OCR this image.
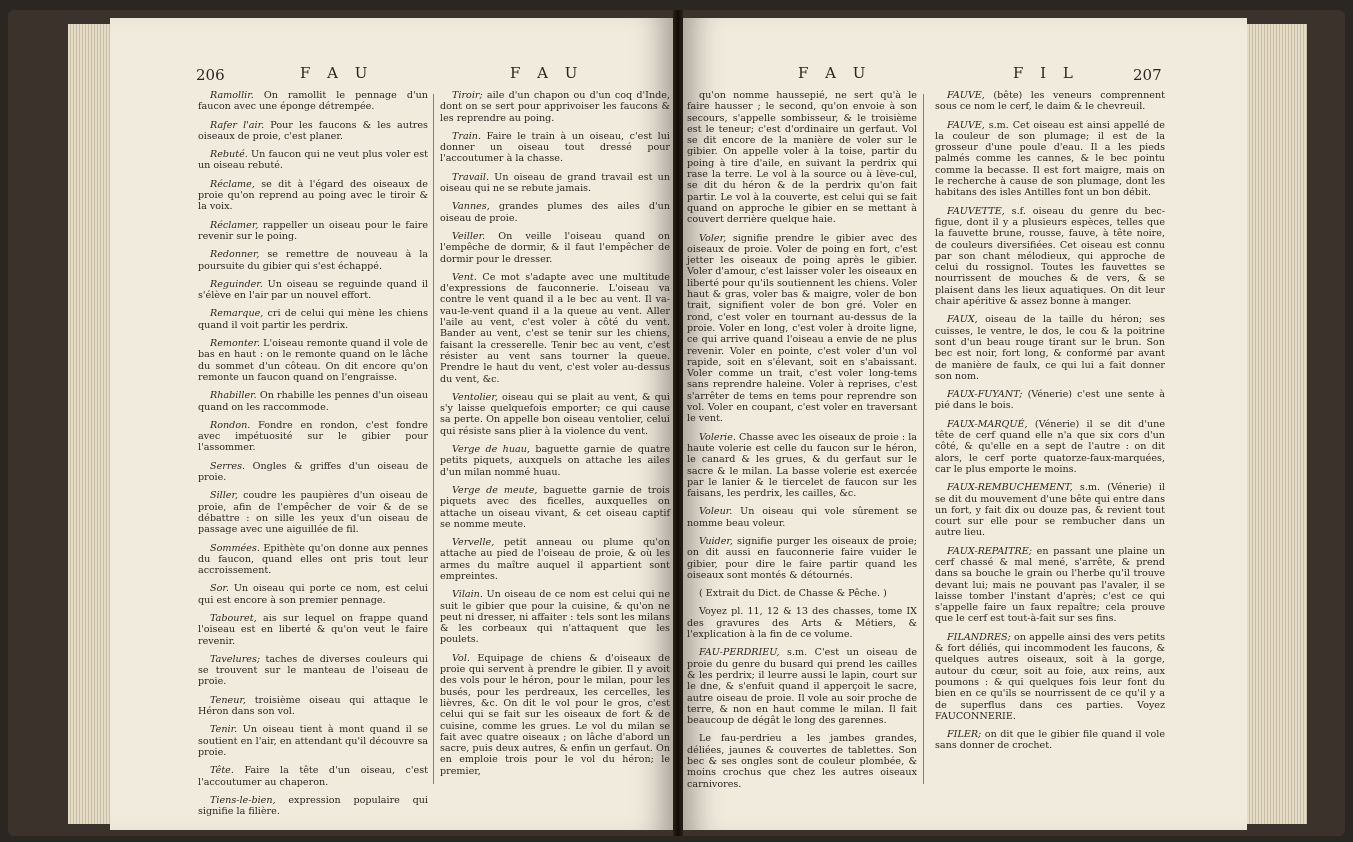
206	F A U	F A U

Ramollir. On ramollit le pennage d'un faucon avec une éponge détrempée.

Rafer l'air. Pour les faucons & les autres oiseaux de proie, c'est planer.

Rebuté. Un faucon qui ne veut plus voler est un oiseau rebuté.

Réclame, se dit à l'égard des oiseaux de proie qu'on reprend au poing avec le tiroir & la voix.

Réclamer, rappeller un oiseau pour le faire revenir sur le poing.

Redonner, se remettre de nouveau à la poursuite du gibier qui s'est échappé.

Reguinder. Un oiseau se reguinde quand il s'élève en l'air par un nouvel effort.

Remarque, cri de celui qui mène les chiens quand il voit partir les perdrix.

Remonter. L'oiseau remonte quand il vole de bas en haut : on le remonte quand on le lâche du sommet d'un côteau. On dit encore qu'on remonte un faucon quand on l'engraisse.

Rhabiller. On rhabille les pennes d'un oiseau quand on les raccommode.

Rondon. Fondre en rondon, c'est fondre avec impétuosité sur le gibier pour l'assommer.

Serres. Ongles & griffes d'un oiseau de proie.

Siller, coudre les paupières d'un oiseau de proie, afin de l'empêcher de voir & de se débattre : on sille les yeux d'un oiseau de passage avec une aiguillée de fil.

Sommées. Epithète qu'on donne aux pennes du faucon, quand elles ont pris tout leur accroissement.

Sor. Un oiseau qui porte ce nom, est celui qui est encore à son premier pennage.

Tabouret, ais sur lequel on frappe quand l'oiseau est en liberté & qu'on veut le faire revenir.

Tavelures; taches de diverses couleurs qui se trouvent sur le manteau de l'oiseau de proie.

Teneur, troisième oiseau qui attaque le Héron dans son vol.

Tenir. Un oiseau tient à mont quand il se soutient en l'air, en attendant qu'il découvre sa proie.

Tête. Faire la tête d'un oiseau, c'est l'accoutumer au chaperon.

Tiens-le-bien, expression populaire qui signifie la filière.

Tiroir; aile d'un chapon ou d'un coq d'Inde, dont on se sert pour apprivoiser les faucons & les reprendre au poing.

Train. Faire le train à un oiseau, c'est lui donner un oiseau tout dressé pour l'accoutumer à la chasse.

Travail. Un oiseau de grand travail est un oiseau qui ne se rebute jamais.

Vannes, grandes plumes des ailes d'un oiseau de proie.

Veiller. On veille l'oiseau quand on l'empêche de dormir, & il faut l'empêcher de dormir pour le dresser.

Vent. Ce mot s'adapte avec une multitude d'expressions de fauconnerie. L'oiseau va contre le vent quand il a le bec au vent. Il va-vau-le-vent quand il a la queue au vent. Aller l'aile au vent, c'est voler à côté du vent. Bander au vent, c'est se tenir sur les chiens, faisant la cresserelle. Tenir bec au vent, c'est résister au vent sans tourner la queue. Prendre le haut du vent, c'est voler au-dessus du vent, &c.

Ventolier, oiseau qui se plait au vent, & qui s'y laisse quelquefois emporter; ce qui cause sa perte. On appelle bon oiseau ventolier, celui qui résiste sans plier à la violence du vent.

Verge de huau, baguette garnie de quatre petits piquets, auxquels on attache les ailes d'un milan nommé huau.

Verge de meute, baguette garnie de trois piquets avec des ficelles, auxquelles on attache un oiseau vivant, & cet oiseau captif se nomme meute.

Vervelle, petit anneau ou plume qu'on attache au pied de l'oiseau de proie, & où les armes du maître auquel il appartient sont empreintes.

Vilain. Un oiseau de ce nom est celui qui ne suit le gibier que pour la cuisine, & qu'on ne peut ni dresser, ni affaiter : tels sont les milans & les corbeaux qui n'attaquent que les poulets.

Vol. Equipage de chiens & d'oiseaux de proie qui servent à prendre le gibier. Il y avoit des vols pour le héron, pour le milan, pour les busés, pour les perdreaux, les cercelles, les lièvres, &c. On dit le vol pour le gros, c'est celui qui se fait sur les oiseaux de fort & de cuisine, comme les grues. Le vol du milan se fait avec quatre oiseaux ; on lâche d'abord un sacre, puis deux autres, & enfin un gerfaut. On en emploie trois pour le vol du héron; le premier,

F A U	F I L	207

qu'on nomme haussepié, ne sert qu'à le faire hausser ; le second, qu'on envoie à son secours, s'appelle sombisseur, & le troisième est le teneur; c'est d'ordinaire un gerfaut. Vol se dit encore de la manière de voler sur le gibier. On appelle voler à la toise, partir du poing à tire d'aile, en suivant la perdrix qui rase la terre. Le vol à la source ou à lève-cul, se dit du héron & de la perdrix qu'on fait partir. Le vol à la couverte, est celui qui se fait quand on approche le gibier en se mettant à couvert derrière quelque haie.

Voler, signifie prendre le gibier avec des oiseaux de proie. Voler de poing en fort, c'est jetter les oiseaux de poing après le gibier. Voler d'amour, c'est laisser voler les oiseaux en liberté pour qu'ils soutiennent les chiens. Voler haut & gras, voler bas & maigre, voler de bon trait, signifient voler de bon gré. Voler en rond, c'est voler en tournant au-dessus de la proie. Voler en long, c'est voler à droite ligne, ce qui arrive quand l'oiseau a envie de ne plus revenir. Voler en pointe, c'est voler d'un vol rapide, soit en s'élevant, soit en s'abaissant. Voler comme un trait, c'est voler long-tems sans reprendre haleine. Voler à reprises, c'est s'arrêter de tems en tems pour reprendre son vol. Voler en coupant, c'est voler en traversant le vent.

Volerie. Chasse avec les oiseaux de proie : la haute volerie est celle du faucon sur le héron, le canard & les grues, & du gerfaut sur le sacre & le milan. La basse volerie est exercée par le lanier & le tiercelet de faucon sur les faisans, les perdrix, les cailles, &c.

Voleur. Un oiseau qui vole sûrement se nomme beau voleur.

Vuider, signifie purger les oiseaux de proie; on dit aussi en fauconnerie faire vuider le gibier, pour dire le faire partir quand les oiseaux sont montés & détournés.

( Extrait du Dict. de Chasse & Pêche. )

Voyez pl. 11, 12 & 13 des chasses, tome IX des gravures des Arts & Métiers, & l'explication à la fin de ce volume.

FAU-PERDRIEU, s.m. C'est un oiseau de proie du genre du busard qui prend les cailles & les perdrix; il leurre aussi le lapin, court sur le dne, & s'enfuit quand il apperçoit le sacre, autre oiseau de proie. Il vole au soir proche de terre, & non en haut comme le milan. Il fait beaucoup de dégât le long des garennes.

Le fau-perdrieu a les jambes grandes, déliées, jaunes & couvertes de tablettes. Son bec & ses ongles sont de couleur plombée, & moins crochus que chez les autres oiseaux carnivores.

FAUVE, (bête) les veneurs comprennent sous ce nom le cerf, le daim & le chevreuil.

FAUVE, s.m. Cet oiseau est ainsi appellé de la couleur de son plumage; il est de la grosseur d'une poule d'eau. Il a les pieds palmés comme les cannes, & le bec pointu comme la becasse. Il est fort maigre, mais on le recherche à cause de son plumage, dont les habitans des isles Antilles font un bon débit.

FAUVETTE, s.f. oiseau du genre du bec-figue, dont il y a plusieurs espèces, telles que la fauvette brune, rousse, fauve, à tête noire, de couleurs diversifiées. Cet oiseau est connu par son chant mélodieux, qui approche de celui du rossignol. Toutes les fauvettes se nourrissent de mouches & de vers, & se plaisent dans les lieux aquatiques. On dit leur chair apéritive & assez bonne à manger.

FAUX, oiseau de la taille du héron; ses cuisses, le ventre, le dos, le cou & la poitrine sont d'un beau rouge tirant sur le brun. Son bec est noir, fort long, & conformé par avant de manière de faulx, ce qui lui a fait donner son nom.

FAUX-FUYANT; (Vénerie) c'est une sente à pié dans le bois.

FAUX-MARQUÉ, (Vénerie) il se dit d'une tête de cerf quand elle n'a que six cors d'un côté, & qu'elle en a sept de l'autre : on dit alors, le cerf porte quatorze-faux-marquées, car le plus emporte le moins.

FAUX-REMBUCHEMENT, s.m. (Vénerie) il se dit du mouvement d'une bête qui entre dans un fort, y fait dix ou douze pas, & revient tout court sur elle pour se rembucher dans un autre lieu.

FAUX-REPAITRE; en passant une plaine un cerf chassé & mal mené, s'arrête, & prend dans sa bouche le grain ou l'herbe qu'il trouve devant lui; mais ne pouvant pas l'avaler, il se laisse tomber l'instant d'après; c'est ce qui s'appelle faire un faux repaître; cela prouve que le cerf est tout-à-fait sur ses fins.

FILANDRES; on appelle ainsi des vers petits & fort déliés, qui incommodent les faucons, & quelques autres oiseaux, soit à la gorge, autour du cœur, soit au foie, aux reins, aux poumons : & qui quelques fois leur font du bien en ce qu'ils se nourrissent de ce qu'il y a de superflus dans ces parties. Voyez FAUCONNERIE.

FILER; on dit que le gibier file quand il vole sans donner de crochet.
